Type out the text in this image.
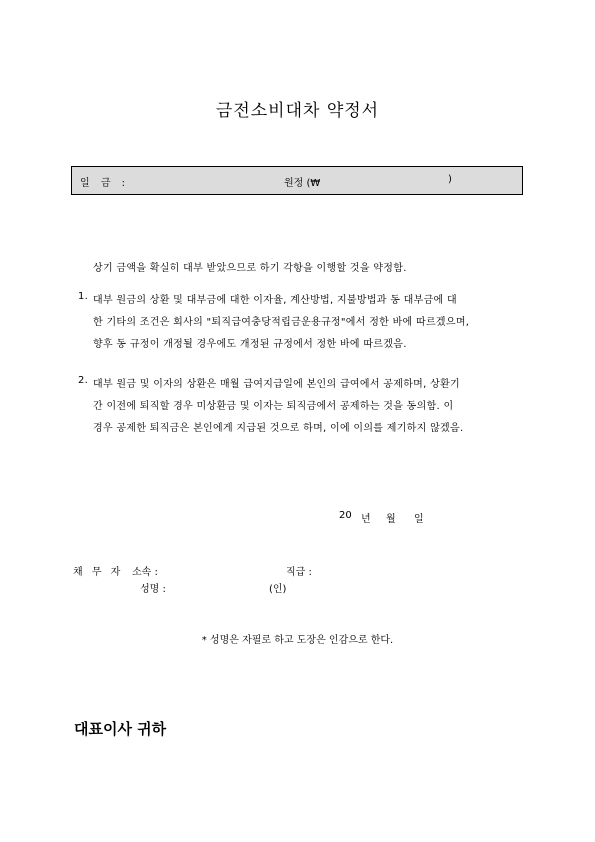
금전소비대차 약정서
일 금 :	원정 (₩	)
상기 금액을 확실히 대부 받았으므로 하기 각항을 이행할 것을 약정함.
1. 대부 원금의 상환 및 대부금에 대한 이자율, 계산방법, 지불방법과 동 대부금에 대
한 기타의 조건은 회사의 "퇴직급여충당적립금운용규정"에서 정한 바에 따르겠으며,
향후 동 규정이 개정될 경우에도 개정된 규정에서 정한 바에 따르겠음.
2. 대부 원금 및 이자의 상환은 매월 급여지급일에 본인의 급여에서 공제하며, 상환기
간 이전에 퇴직할 경우 미상환금 및 이자는 퇴직금에서 공제하는 것을 동의함. 이
경우 공제한 퇴직금은 본인에게 지급된 것으로 하며, 이에 이의를 제기하지 않겠음.
20 년 월 일
채 무 자 소속 :	직급 :
성명 :	(인)
* 성명은 자필로 하고 도장은 인감으로 한다.
대표이사 귀하
